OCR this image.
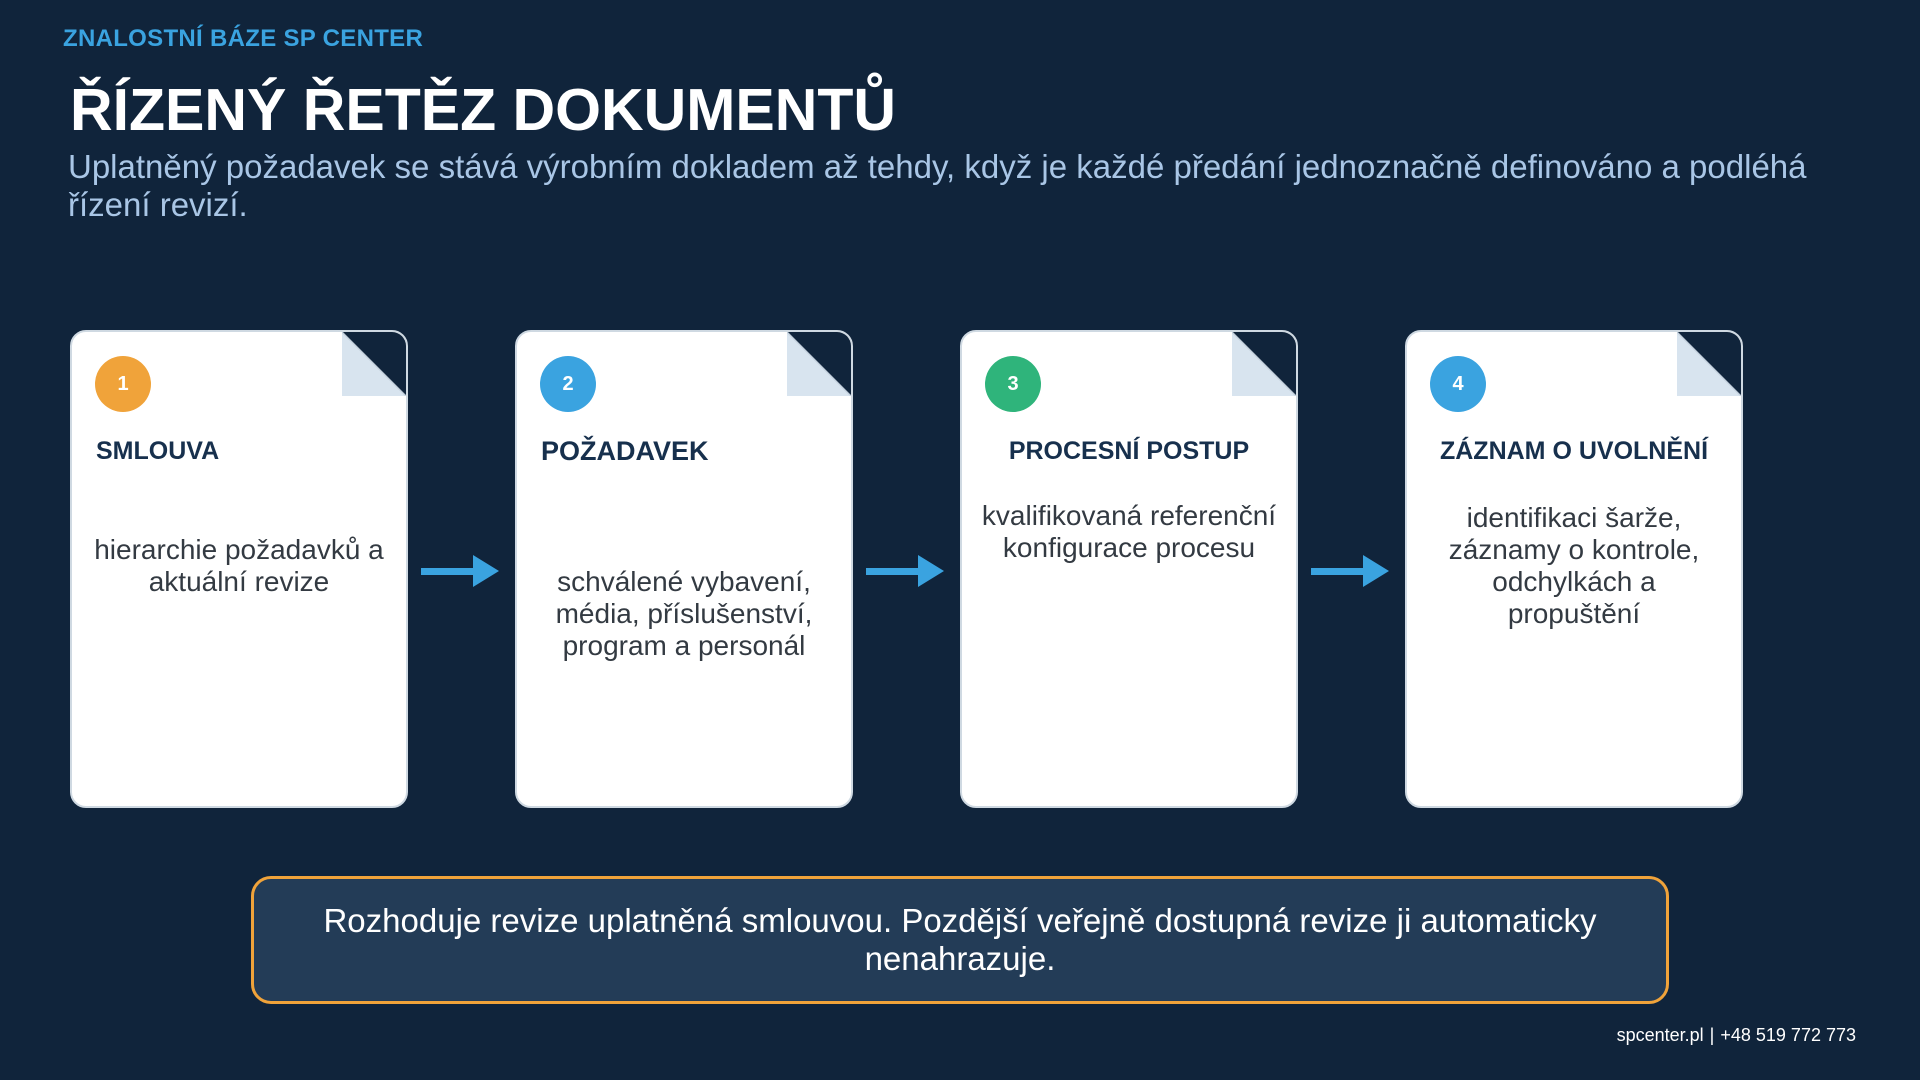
ZNALOSTNÍ BÁZE SP CENTER
ŘÍZENÝ ŘETĚZ DOKUMENTŮ

Uplatněný požadavek se stává výrobním dokladem až tehdy, když je každé předání jednoznačně definováno a podléhá řízení revizí.

1
SMLOUVA
hierarchie požadavků a aktuální revize
2
POŽADAVEK
schválené vybavení, média, příslušenství, program a personál
3
PROCESNÍ POSTUP
kvalifikovaná referenční konfigurace procesu
4
ZÁZNAM O UVOLNĚNÍ
identifikaci šarže, záznamy o kontrole, odchylkách a propuštění
Rozhoduje revize uplatněná smlouvou. Pozdější veřejně dostupná revize ji automaticky nenahrazuje.
spcenter.pl | +48 519 772 773
